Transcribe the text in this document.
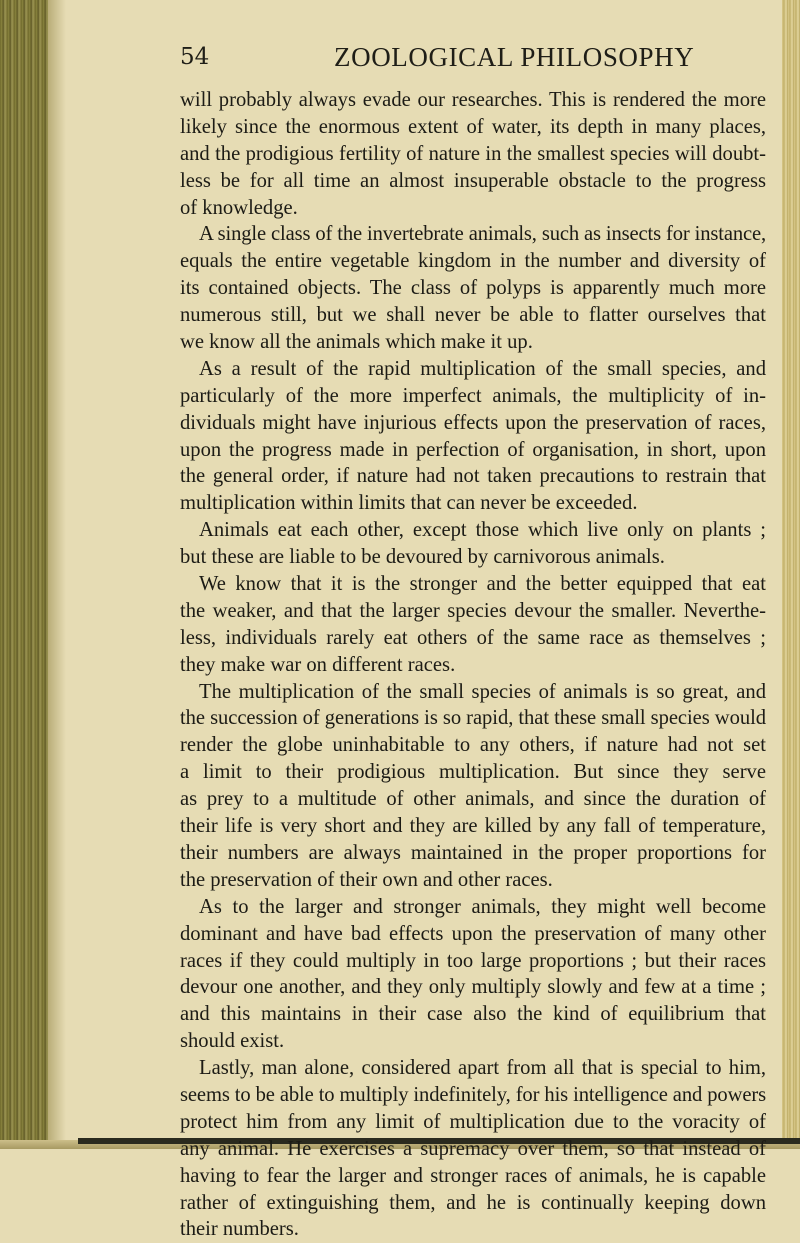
54	ZOOLOGICAL PHILOSOPHY
will probably always evade our researches. This is rendered the more
likely since the enormous extent of water, its depth in many places,
and the prodigious fertility of nature in the smallest species will doubt-
less be for all time an almost insuperable obstacle to the progress
of knowledge.
A single class of the invertebrate animals, such as insects for instance,
equals the entire vegetable kingdom in the number and diversity of
its contained objects. The class of polyps is apparently much more
numerous still, but we shall never be able to flatter ourselves that
we know all the animals which make it up.
As a result of the rapid multiplication of the small species, and
particularly of the more imperfect animals, the multiplicity of in-
dividuals might have injurious effects upon the preservation of races,
upon the progress made in perfection of organisation, in short, upon
the general order, if nature had not taken precautions to restrain that
multiplication within limits that can never be exceeded.
Animals eat each other, except those which live only on plants ;
but these are liable to be devoured by carnivorous animals.
We know that it is the stronger and the better equipped that eat
the weaker, and that the larger species devour the smaller. Neverthe-
less, individuals rarely eat others of the same race as themselves ;
they make war on different races.
The multiplication of the small species of animals is so great, and
the succession of generations is so rapid, that these small species would
render the globe uninhabitable to any others, if nature had not set
a limit to their prodigious multiplication. But since they serve
as prey to a multitude of other animals, and since the duration of
their life is very short and they are killed by any fall of temperature,
their numbers are always maintained in the proper proportions for
the preservation of their own and other races.
As to the larger and stronger animals, they might well become
dominant and have bad effects upon the preservation of many other
races if they could multiply in too large proportions ; but their races
devour one another, and they only multiply slowly and few at a time ;
and this maintains in their case also the kind of equilibrium that
should exist.
Lastly, man alone, considered apart from all that is special to him,
seems to be able to multiply indefinitely, for his intelligence and powers
protect him from any limit of multiplication due to the voracity of
any animal. He exercises a supremacy over them, so that instead of
having to fear the larger and stronger races of animals, he is capable
rather of extinguishing them, and he is continually keeping down
their numbers.
